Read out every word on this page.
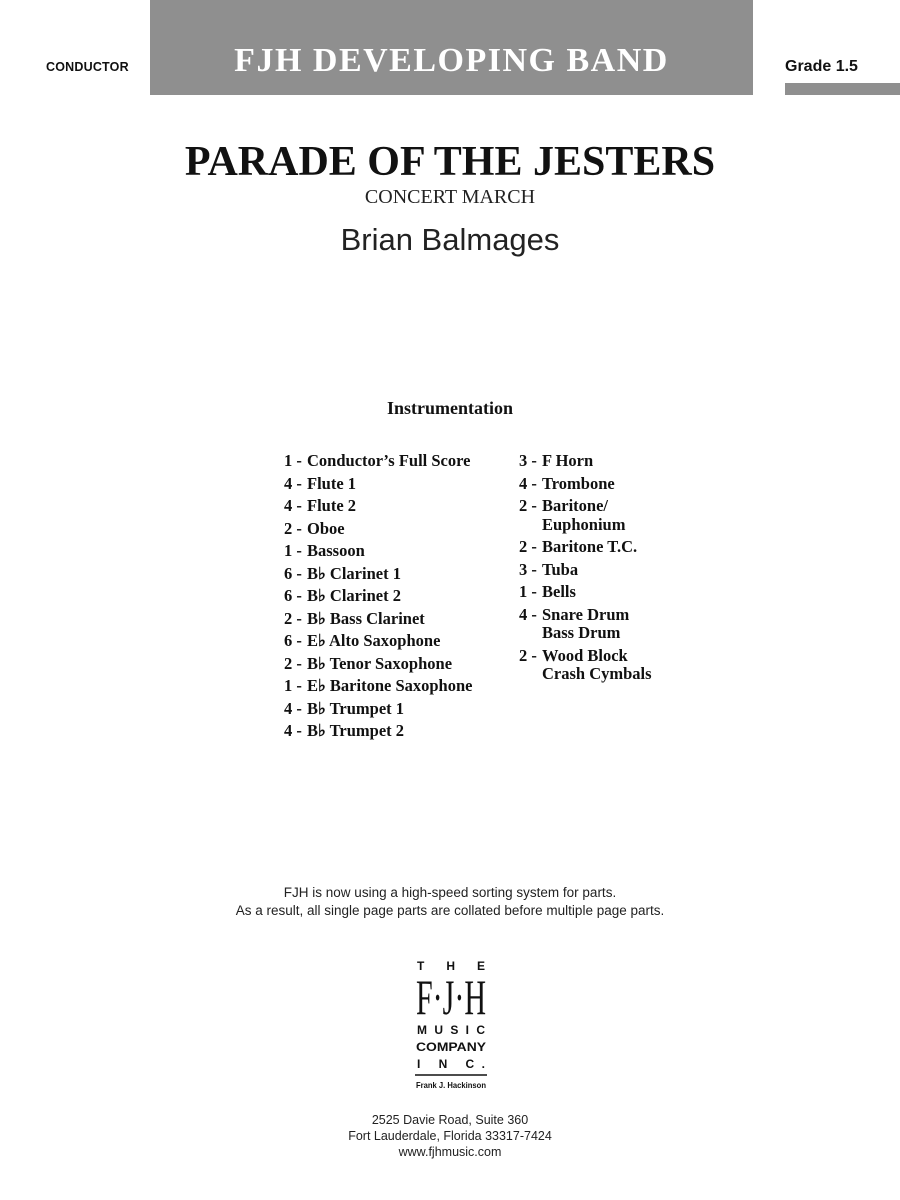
CONDUCTOR	FJH DEVELOPING BAND	Grade 1.5
PARADE OF THE JESTERS
CONCERT MARCH
Brian Balmages
Instrumentation
1 - Conductor’s Full Score
4 - Flute 1
4 - Flute 2
2 - Oboe
1 - Bassoon
6 - B♭ Clarinet 1
6 - B♭ Clarinet 2
2 - B♭ Bass Clarinet
6 - E♭ Alto Saxophone
2 - B♭ Tenor Saxophone
1 - E♭ Baritone Saxophone
4 - B♭ Trumpet 1
4 - B♭ Trumpet 2
3 - F Horn
4 - Trombone
2 - Baritone/
Euphonium
2 - Baritone T.C.
3 - Tuba
1 - Bells
4 - Snare Drum
Bass Drum
2 - Wood Block
Crash Cymbals
FJH is now using a high-speed sorting system for parts.
As a result, all single page parts are collated before multiple page parts.
T H E
F·J·H
MUSIC
COMPANY
I N C.
Frank J. Hackinson
2525 Davie Road, Suite 360
Fort Lauderdale, Florida 33317-7424
www.fjhmusic.com
